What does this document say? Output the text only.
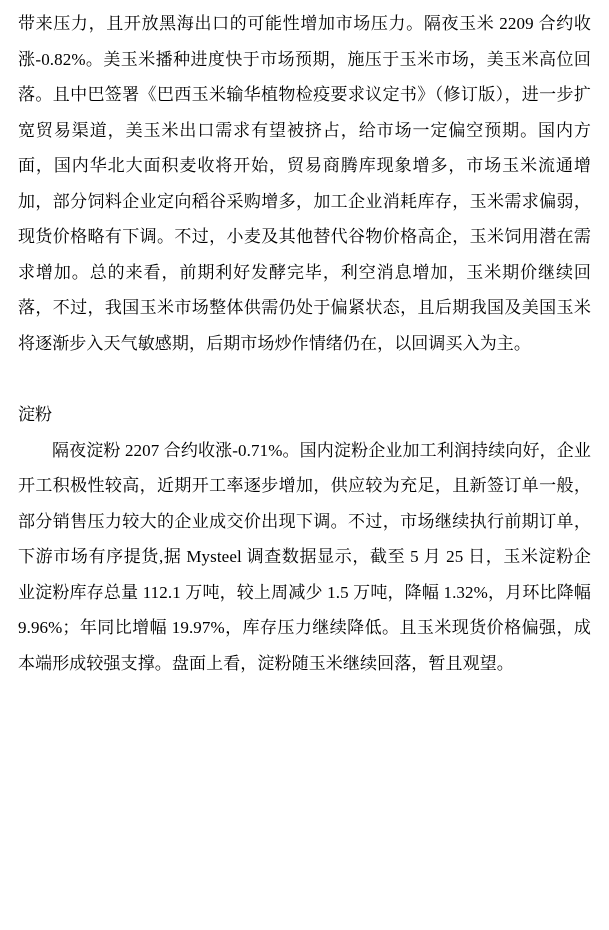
带来压力，且开放黑海出口的可能性增加市场压力。隔夜玉米 2209 合约收涨-0.82%。美玉米播种进度快于市场预期，施压于玉米市场，美玉米高位回落。且中巴签署《巴西玉米输华植物检疫要求议定书》（修订版），进一步扩宽贸易渠道，美玉米出口需求有望被挤占，给市场一定偏空预期。国内方面，国内华北大面积麦收将开始，贸易商腾库现象增多，市场玉米流通增加，部分饲料企业定向稻谷采购增多，加工企业消耗库存，玉米需求偏弱，现货价格略有下调。不过，小麦及其他替代谷物价格高企，玉米饲用潜在需求增加。总的来看，前期利好发酵完毕，利空消息增加，玉米期价继续回落，不过，我国玉米市场整体供需仍处于偏紧状态，且后期我国及美国玉米将逐渐步入天气敏感期，后期市场炒作情绪仍在，以回调买入为主。

淀粉

隔夜淀粉 2207 合约收涨-0.71%。国内淀粉企业加工利润持续向好，企业开工积极性较高，近期开工率逐步增加，供应较为充足，且新签订单一般，部分销售压力较大的企业成交价出现下调。不过，市场继续执行前期订单，下游市场有序提货,据 Mysteel 调查数据显示，截至 5 月 25 日，玉米淀粉企业淀粉库存总量 112.1 万吨，较上周减少 1.5 万吨，降幅 1.32%，月环比降幅 9.96%；年同比增幅 19.97%，库存压力继续降低。且玉米现货价格偏强，成本端形成较强支撑。盘面上看，淀粉随玉米继续回落，暂且观望。
